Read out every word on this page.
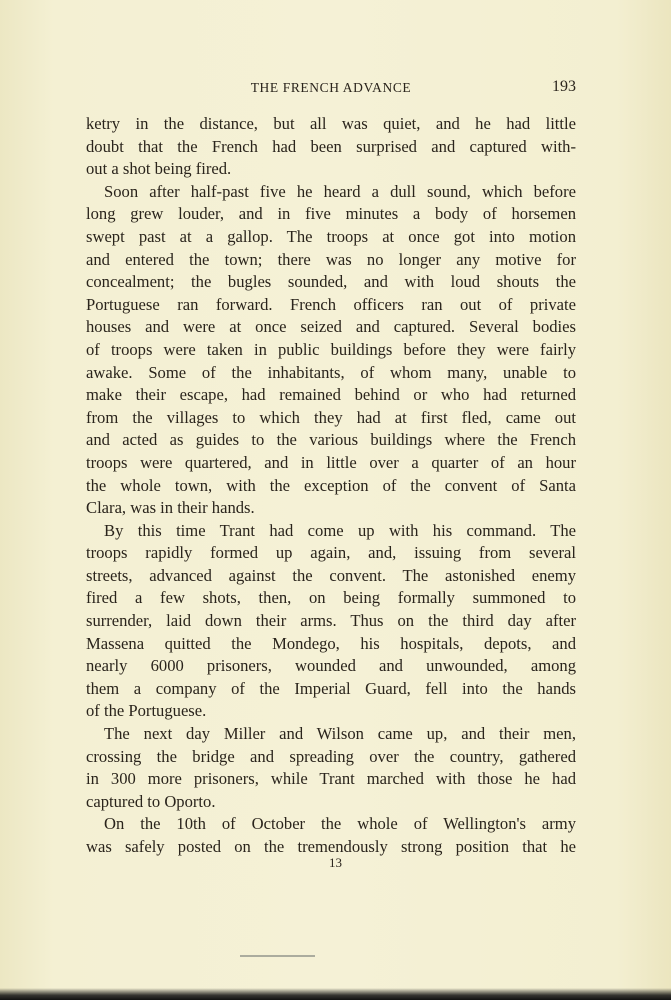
THE FRENCH ADVANCE	193
ketry in the distance, but all was quiet, and he had little
doubt that the French had been surprised and captured with-
out a shot being fired.
Soon after half-past five he heard a dull sound, which before
long grew louder, and in five minutes a body of horsemen
swept past at a gallop. The troops at once got into motion
and entered the town; there was no longer any motive for
concealment; the bugles sounded, and with loud shouts the
Portuguese ran forward. French officers ran out of private
houses and were at once seized and captured. Several bodies
of troops were taken in public buildings before they were fairly
awake. Some of the inhabitants, of whom many, unable to
make their escape, had remained behind or who had returned
from the villages to which they had at first fled, came out
and acted as guides to the various buildings where the French
troops were quartered, and in little over a quarter of an hour
the whole town, with the exception of the convent of Santa
Clara, was in their hands.
By this time Trant had come up with his command. The
troops rapidly formed up again, and, issuing from several
streets, advanced against the convent. The astonished enemy
fired a few shots, then, on being formally summoned to
surrender, laid down their arms. Thus on the third day after
Massena quitted the Mondego, his hospitals, depots, and
nearly 6000 prisoners, wounded and unwounded, among
them a company of the Imperial Guard, fell into the hands
of the Portuguese.
The next day Miller and Wilson came up, and their men,
crossing the bridge and spreading over the country, gathered
in 300 more prisoners, while Trant marched with those he had
captured to Oporto.
On the 10th of October the whole of Wellington's army
was safely posted on the tremendously strong position that he
13
